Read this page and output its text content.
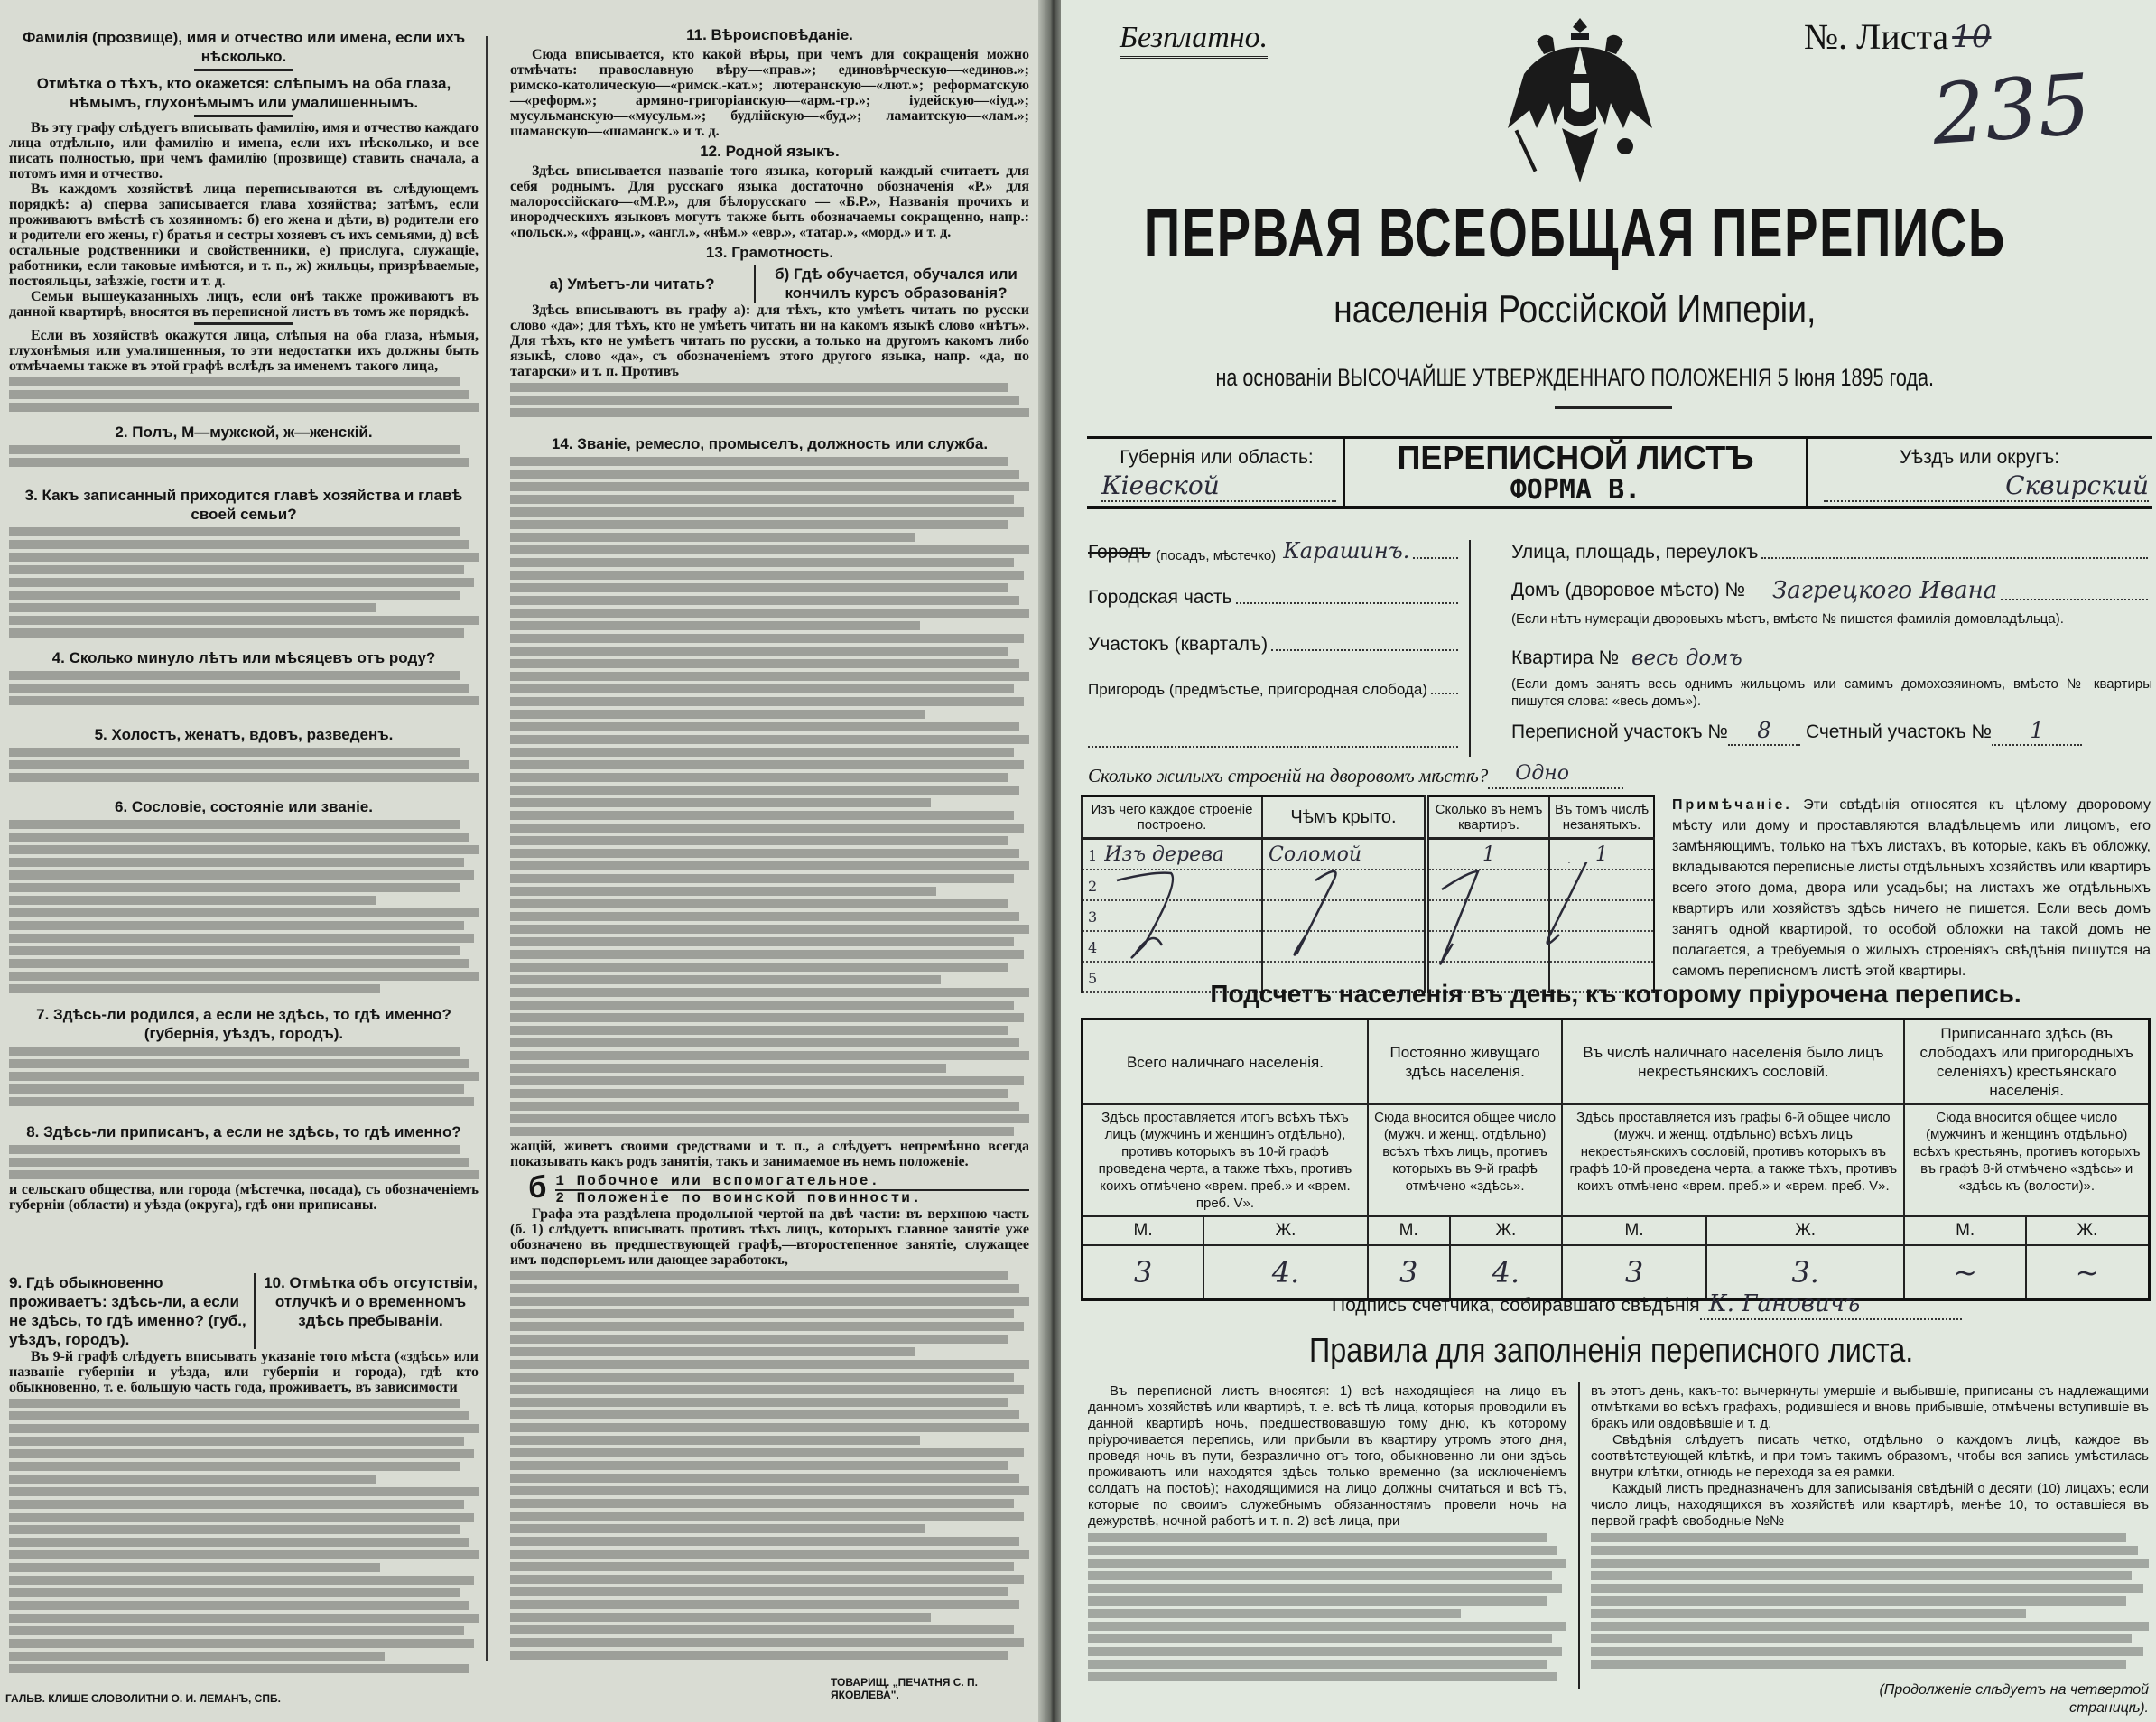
Фамилія (прозвище), имя и отчество или имена, если ихъ нѣсколько.
Отмѣтка о тѣхъ, кто окажется: слѣпымъ на оба глаза, нѣмымъ, глухонѣмымъ или умалишеннымъ.

Въ эту графу слѣдуетъ вписывать фамилію, имя и отчество каждаго лица отдѣльно, или фамилію и имена, если ихъ нѣсколько, и все писать полностью, при чемъ фамилію (прозвище) ставить сначала, а потомъ имя и отчество.

Въ каждомъ хозяйствѣ лица переписываются въ слѣдующемъ порядкѣ: а) сперва записывается глава хозяйства; затѣмъ, если проживаютъ вмѣстѣ съ хозяиномъ: б) его жена и дѣти, в) родители его и родители его жены, г) братья и сестры хозяевъ съ ихъ семьями, д) всѣ остальные родственники и свойственники, е) прислуга, служащіе, работники, если таковые имѣются, и т. п., ж) жильцы, призрѣваемые, постояльцы, заѣзжіе, гости и т. д.

Семьи вышеуказанныхъ лицъ, если онѣ также проживаютъ въ данной квартирѣ, вносятся въ переписной листъ въ томъ же порядкѣ.

Если въ хозяйствѣ окажутся лица, слѣпыя на оба глаза, нѣмыя, глухонѣмыя или умалишенныя, то эти недостатки ихъ должны быть отмѣчаемы также въ этой графѣ вслѣдъ за именемъ такого лица,

2. Полъ, М—мужской, ж—женскій.
3. Какъ записанный приходится главѣ хозяйства и главѣ своей семьи?
4. Сколько минуло лѣтъ или мѣсяцевъ отъ роду?
5. Холостъ, женатъ, вдовъ, разведенъ.
6. Сословіе, состояніе или званіе.
7. Здѣсь-ли родился, а если не здѣсь, то гдѣ именно? (губернія, уѣздъ, городъ).
8. Здѣсь-ли приписанъ, а если не здѣсь, то гдѣ именно?

и сельскаго общества, или города (мѣстечка, посада), съ обозначеніемъ губерніи (области) и уѣзда (округа), гдѣ они приписаны.

9. Гдѣ обыкновенно проживаетъ: здѣсь-ли, а если не здѣсь, то гдѣ именно? (губ., уѣздъ, городъ).
10. Отмѣтка объ отсутствіи, отлучкѣ и о временномъ здѣсь пребываніи.

Въ 9-й графѣ слѣдуетъ вписывать указаніе того мѣста («здѣсь» или названіе губерніи и уѣзда, или губерніи и города), гдѣ кто обыкновенно, т. е. большую часть года, проживаетъ, въ зависимости

11. Вѣроисповѣданіе.

Сюда вписывается, кто какой вѣры, при чемъ для сокращенія можно отмѣчать: православную вѣру—«прав.»; единовѣрческую—«единов.»; римско-католическую—«римск.-кат.»; лютеранскую—«лют.»; реформатскую—«реформ.»; армяно-григоріанскую—«арм.-гр.»; іудейскую—«іуд.»; мусульманскую—«мусульм.»; будлійскую—«буд.»; ламаитскую—«лам.»; шаманскую—«шаманск.» и т. д.

12. Родной языкъ.

Здѣсь вписывается названіе того языка, который каждый считаетъ для себя роднымъ. Для русскаго языка достаточно обозначенія «Р.» для малороссійскаго—«М.Р.», для бѣлорусскаго — «Б.Р.», Названія прочихъ и инородческихъ языковъ могутъ также быть обозначаемы сокращенно, напр.: «польск.», «франц.», «англ.», «нѣм.» «евр.», «татар.», «морд.» и т. д.

13. Грамотность.
а) Умѣетъ-ли читать?
б) Гдѣ обучается, обучался или кончилъ курсъ образованія?

Здѣсь вписываютъ въ графу а): для тѣхъ, кто умѣетъ читать по русски слово «да»; для тѣхъ, кто не умѣетъ читать ни на какомъ языкѣ слово «нѣтъ». Для тѣхъ, кто не умѣетъ читать по русски, а только на другомъ какомъ либо языкѣ, слово «да», съ обозначеніемъ этого другого языка, напр. «да, по татарски» и т. п. Противъ

14. Званіе, ремесло, промыселъ, должность или служба.

жащій, живетъ своими средствами и т. п., а слѣдуетъ непремѣнно всегда показывать какъ родъ занятія, такъ и занимаемое въ немъ положеніе.

б 1 Побочное или вспомогательное.
2 Положеніе по воинской повинности.

Графа эта раздѣлена продольной чертой на двѣ части: въ верхнюю часть (б. 1) слѣдуетъ вписывать противъ тѣхъ лицъ, которыхъ главное занятіе уже обозначено въ предшествующей графѣ,—второстепенное занятіе, служащее имъ подспорьемъ или дающее заработокъ,

ГАЛЬВ. КЛИШЕ СЛОВОЛИТНИ О. И. ЛЕМАНЪ, СПБ.
ТОВАРИЩ. „ПЕЧАТНЯ С. П. ЯКОВЛЕВА".
Безплатно.	№. Листа 10
235
ПЕРВАЯ ВСЕОБЩАЯ ПЕРЕПИСЬ
населенія Россійской Имперіи,
на основаніи ВЫСОЧАЙШЕ УТВЕРЖДЕННАГО ПОЛОЖЕНІЯ 5 Іюня 1895 года.
Губернія или область:
Кіевской
ПЕРЕПИСНОЙ ЛИСТЪ
ФОРМА В.
Уѣздъ или округъ:
Сквирский
Городъ
(посадъ, мѣстечко) Карашинъ.
Городская часть
Участокъ (кварталъ)
Пригородъ (предмѣстье, пригородная слобода)
Улица, площадь, переулокъ
Домъ (дворовое мѣсто) № Загрецкого Ивана
(Если нѣтъ нумераціи дворовыхъ мѣстъ, вмѣсто № пишется фамилія домовладѣльца).
Квартира № весь домъ
(Если домъ занятъ весь однимъ жильцомъ или самимъ домохозяиномъ, вмѣсто № квартиры пишутся слова: «весь домъ»).
Переписной участокъ №	8	Счетный участокъ №	1
Сколько жилыхъ строеній на дворовомъ мѣстѣ?	Одно
Изъ чего каждое строеніе построено.	Чѣмъ крыто.	Сколько въ немъ квартиръ.	Въ томъ числѣ незанятыхъ.
1 Изъ дерева	Соломой	1	1
2			
3			
4			
5			
Примѣчаніе. Эти свѣдѣнія относятся къ цѣлому дворовому мѣсту или дому и проставляются владѣльцемъ или лицомъ, его замѣняющимъ, только на тѣхъ листахъ, въ которые, какъ въ обложку, вкладываются переписные листы отдѣльныхъ хозяйствъ или квартиръ всего этого дома, двора или усадьбы; на листахъ же отдѣльныхъ квартиръ или хозяйствъ здѣсь ничего не пишется. Если весь домъ занятъ одной квартирой, то особой обложки на такой домъ не полагается, а требуемыя о жилыхъ строеніяхъ свѣдѣнія пишутся на самомъ переписномъ листѣ этой квартиры.
Подсчетъ населенія въ день, къ которому пріурочена перепись.
Всего наличнаго населенія.		Постоянно живущаго здѣсь населенія.		Въ числѣ наличнаго населенія было лицъ некрестьянскихъ сословій.		Приписаннаго здѣсь (въ слободахъ или пригородныхъ селеніяхъ) крестьянскаго населенія.	
Здѣсь проставляется итогъ всѣхъ тѣхъ лицъ (мужчинъ и женщинъ отдѣльно), противъ которыхъ въ 10-й графѣ проведена черта, а также тѣхъ, противъ коихъ отмѣчено «врем. преб.» и «врем. преб. V».		Сюда вносится общее число (мужч. и женщ. отдѣльно) всѣхъ тѣхъ лицъ, противъ которыхъ въ 9-й графѣ отмѣчено «здѣсь».		Здѣсь проставляется изъ графы 6-й общее число (мужч. и женщ. отдѣльно) всѣхъ лицъ некрестьянскихъ сословій, противъ которыхъ въ графѣ 10-й проведена черта, а также тѣхъ, противъ коихъ отмѣчено «врем. преб.» и «врем. преб. V».		Сюда вносится общее число (мужчинъ и женщинъ отдѣльно) всѣхъ крестьянъ, противъ которыхъ въ графѣ 8-й отмѣчено «здѣсь» и «здѣсь къ (волости)».	
М.	Ж.	М.	Ж.	М.	Ж.	М.	Ж.
3	4.	3	4.	3	3.	~	~
Подпись счетчика, собиравшаго свѣдѣнія К. Гановичъ
Правила для заполненія переписного листа.

Въ переписной листъ вносятся: 1) всѣ находящіеся на лицо въ данномъ хозяйствѣ или квартирѣ, т. е. всѣ тѣ лица, которыя проводили въ данной квартирѣ ночь, предшествовавшую тому дню, къ которому пріурочивается перепись, или прибыли въ квартиру утромъ этого дня, проведя ночь въ пути, безразлично отъ того, обыкновенно ли они здѣсь проживаютъ или находятся здѣсь только временно (за исключеніемъ солдатъ на постоѣ); находящимися на лицо должны считаться и всѣ тѣ, которые по своимъ служебнымъ обязанностямъ провели ночь на дежурствѣ, ночной работѣ и т. п. 2) всѣ лица, при

въ этотъ день, какъ-то: вычеркнуты умершіе и выбывшіе, приписаны съ надлежащими отмѣтками во всѣхъ графахъ, родившіеся и вновь прибывшіе, отмѣчены вступившіе въ бракъ или овдовѣвшіе и т. д.

Свѣдѣнія слѣдуетъ писать четко, отдѣльно о каждомъ лицѣ, каждое въ соотвѣтствующей клѣткѣ, и при томъ такимъ образомъ, чтобы вся запись умѣстилась внутри клѣтки, отнюдь не переходя за ея рамки.

Каждый листъ предназначенъ для записыванія свѣдѣній о десяти (10) лицахъ; если число лицъ, находящихся въ хозяйствѣ или квартирѣ, менѣе 10, то оставшіеся въ первой графѣ свободные №№

(Продолженіе слѣдуетъ на четвертой страницѣ).
